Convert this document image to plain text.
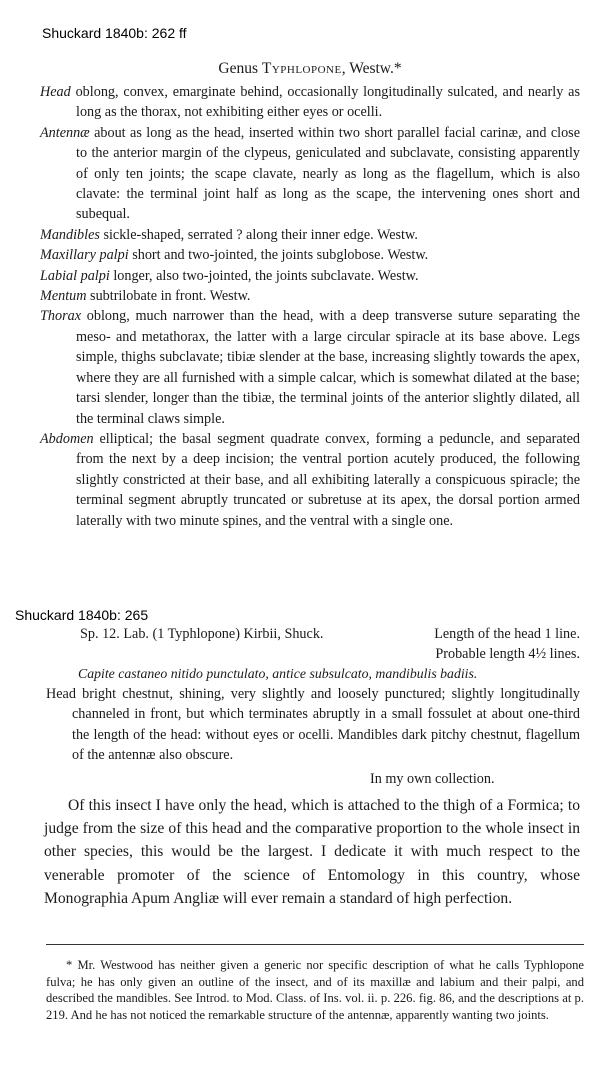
Shuckard 1840b: 262 ff
Genus Typhlopone, Westw.*

Head oblong, convex, emarginate behind, occasionally longitudinally sulcated, and nearly as long as the thorax, not exhibiting either eyes or ocelli.

Antennæ about as long as the head, inserted within two short parallel facial carinæ, and close to the anterior margin of the clypeus, geniculated and subclavate, consisting apparently of only ten joints; the scape clavate, nearly as long as the flagellum, which is also clavate: the terminal joint half as long as the scape, the intervening ones short and subequal.

Mandibles sickle-shaped, serrated ? along their inner edge. Westw.

Maxillary palpi short and two-jointed, the joints subglobose. Westw.

Labial palpi longer, also two-jointed, the joints subclavate. Westw.

Mentum subtrilobate in front. Westw.

Thorax oblong, much narrower than the head, with a deep transverse suture separating the meso- and metathorax, the latter with a large circular spiracle at its base above. Legs simple, thighs subclavate; tibiæ slender at the base, increasing slightly towards the apex, where they are all furnished with a simple calcar, which is somewhat dilated at the base; tarsi slender, longer than the tibiæ, the terminal joints of the anterior slightly dilated, all the terminal claws simple.

Abdomen elliptical; the basal segment quadrate convex, forming a peduncle, and separated from the next by a deep incision; the ventral portion acutely produced, the following slightly constricted at their base, and all exhibiting laterally a conspicuous spiracle; the terminal segment abruptly truncated or subretuse at its apex, the dorsal portion armed laterally with two minute spines, and the ventral with a single one.

Shuckard 1840b: 265
Sp. 12. Lab. (1 Typhlopone) Kirbii, Shuck.	Length of the head 1 line.
Probable length 4½ lines.

Capite castaneo nitido punctulato, antice subsulcato, mandibulis badiis.

Head bright chestnut, shining, very slightly and loosely punctured; slightly longitudinally channeled in front, but which terminates abruptly in a small fossulet at about one-third the length of the head: without eyes or ocelli. Mandibles dark pitchy chestnut, flagellum of the antennæ also obscure.

In my own collection.

Of this insect I have only the head, which is attached to the thigh of a Formica; to judge from the size of this head and the comparative proportion to the whole insect in other species, this would be the largest. I dedicate it with much respect to the venerable promoter of the science of Entomology in this country, whose Monographia Apum Angliæ will ever remain a standard of high perfection.

* Mr. Westwood has neither given a generic nor specific description of what he calls Typhlopone fulva; he has only given an outline of the insect, and of its maxillæ and labium and their palpi, and described the mandibles. See Introd. to Mod. Class. of Ins. vol. ii. p. 226. fig. 86, and the descriptions at p. 219. And he has not noticed the remarkable structure of the antennæ, apparently wanting two joints.
